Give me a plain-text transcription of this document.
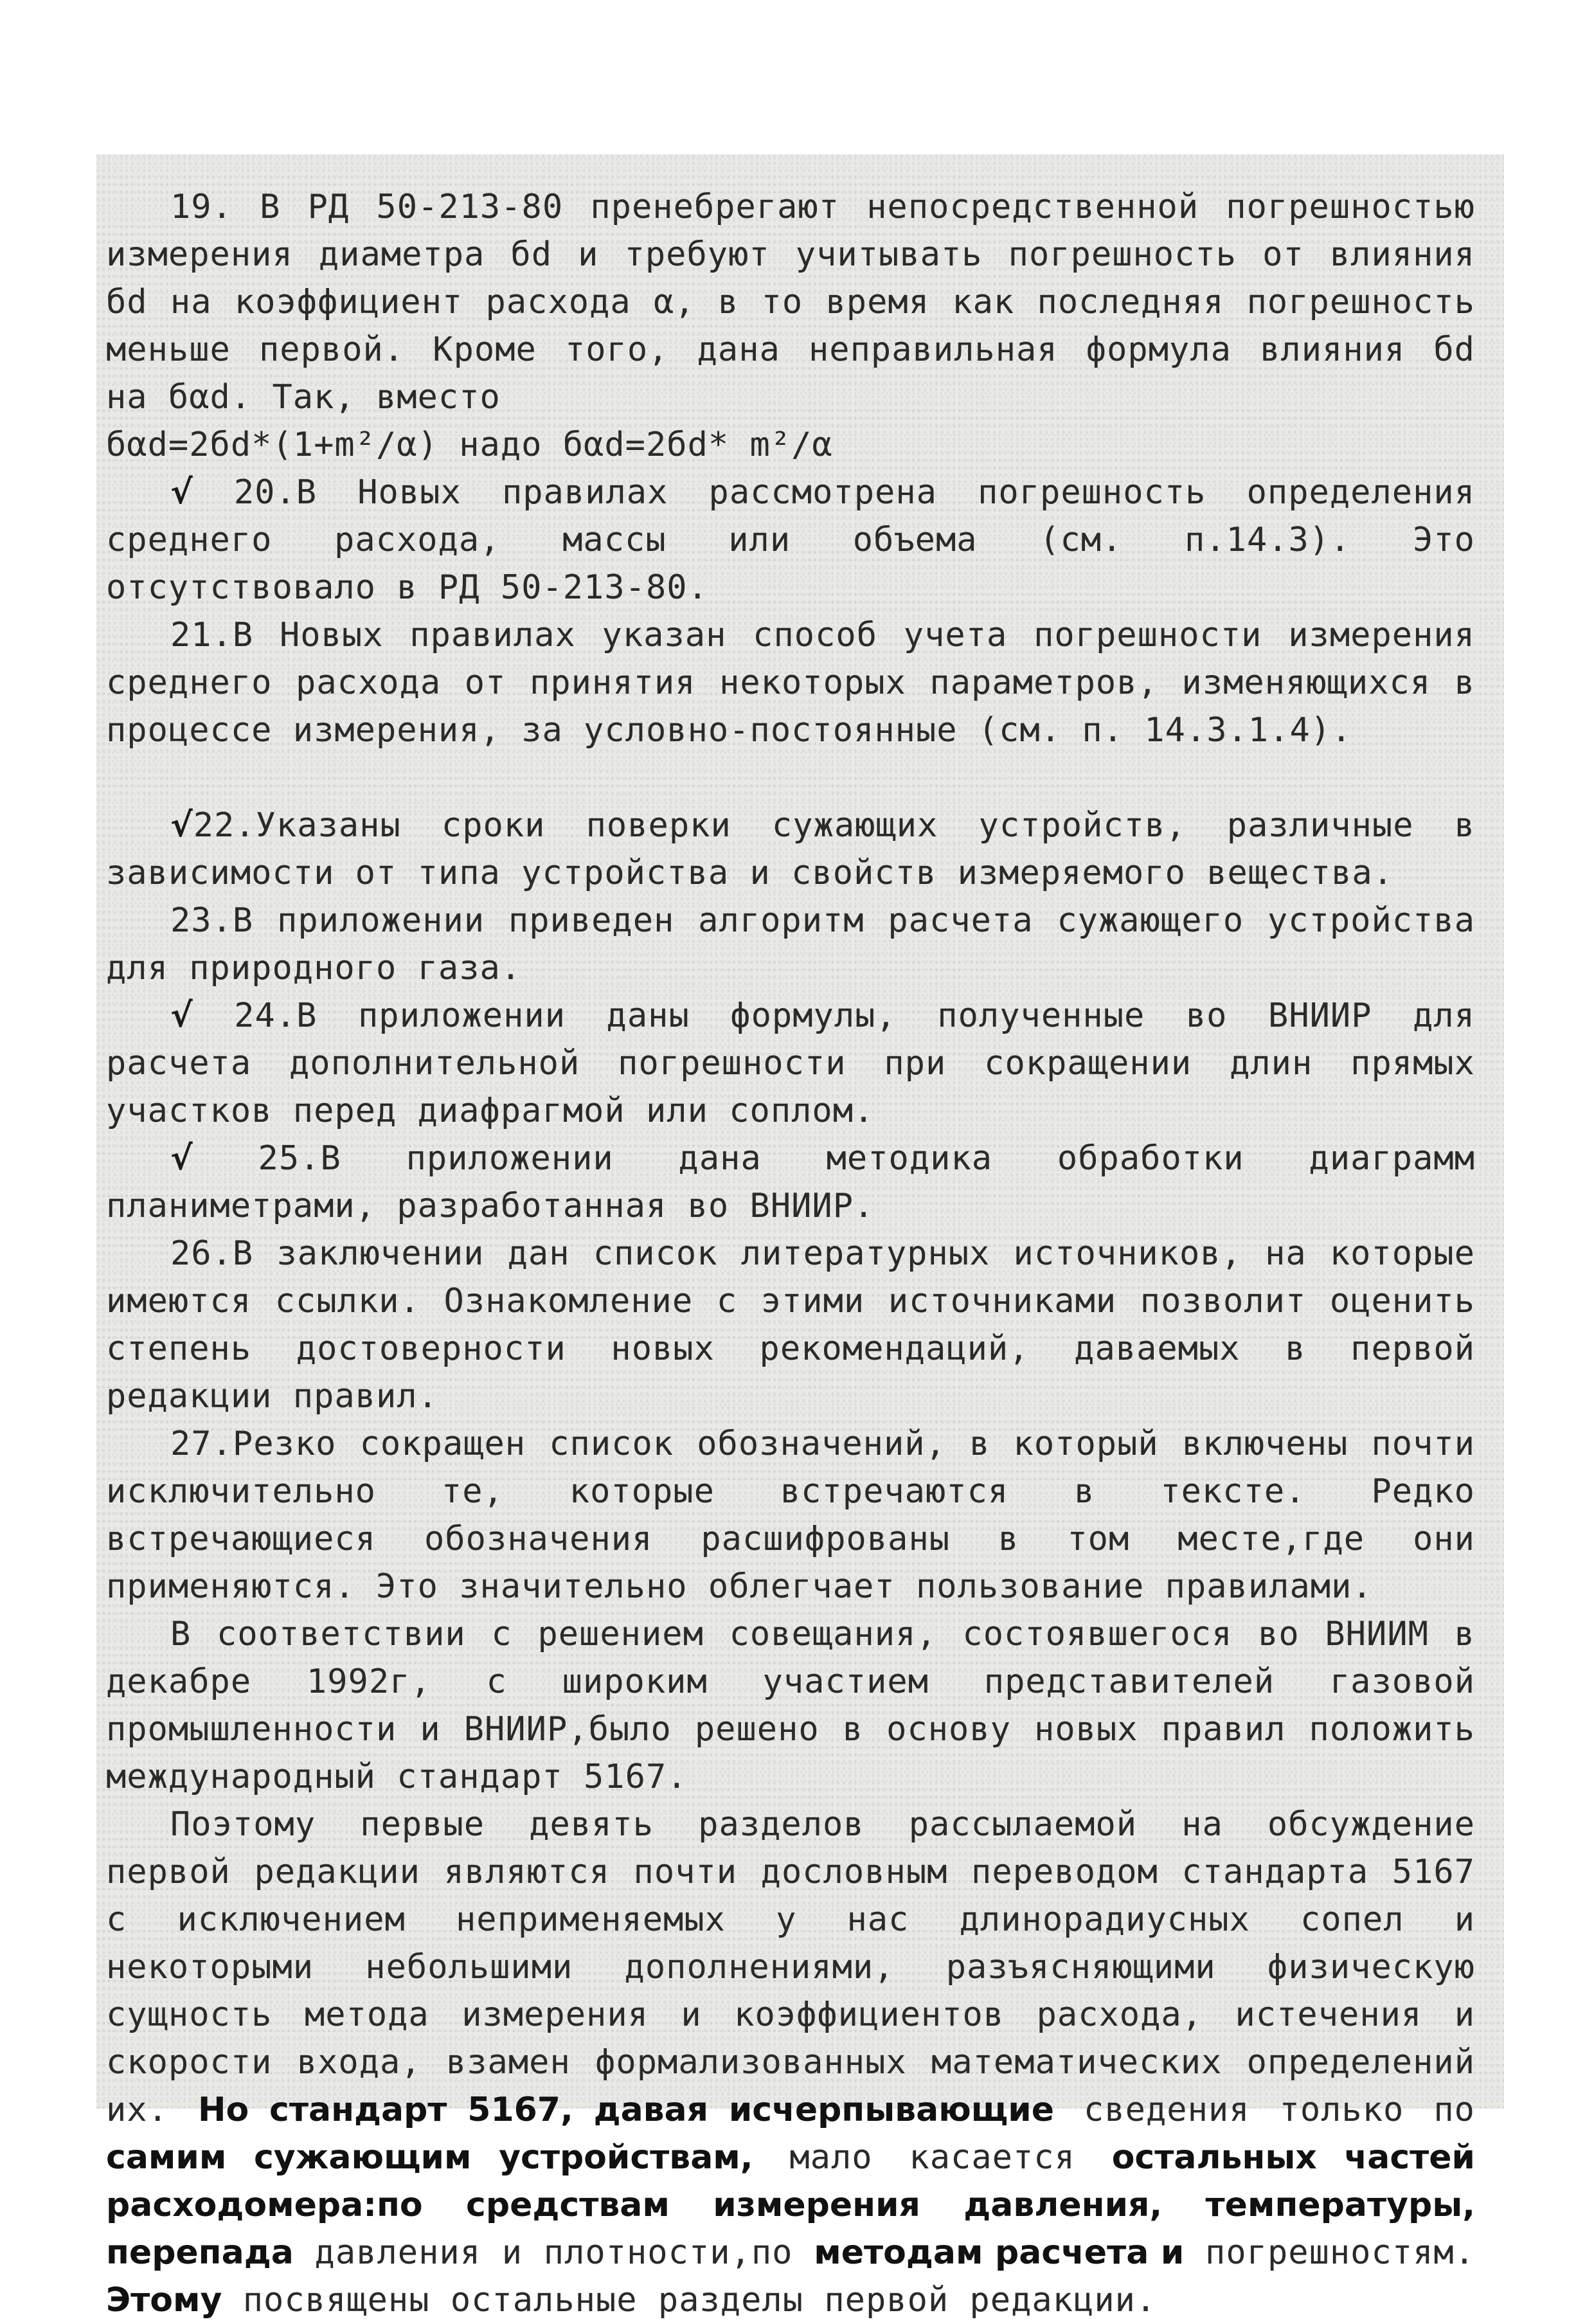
19. В РД 50-213-80 пренебрегают непосредственной погрешностью измерения диаметра бd и требуют учитывать погрешность от влияния бd на коэффициент расхода α, в то время как последняя погрешность меньше первой. Кроме того, дана неправильная формула влияния бd на бαd. Так, вместо

бαd=2бd*(1+m²/α) надо бαd=2бd* m²/α

√ 20.В Новых правилах рассмотрена погрешность определения среднего расхода, массы или объема (см. п.14.3). Это отсутствовало в РД 50-213-80.

21.В Новых правилах указан способ учета погрешности измерения среднего расхода от принятия некоторых параметров, изменяющихся в процессе измерения, за условно-постоянные (см. п. 14.3.1.4).

√22.Указаны сроки поверки сужающих устройств, различные в зависимости от типа устройства и свойств измеряемого вещества.

23.В приложении приведен алгоритм расчета сужающего устройства для природного газа.

√ 24.В приложении даны формулы, полученные во ВНИИР для расчета дополнительной погрешности при сокращении длин прямых участков перед диафрагмой или соплом.

√ 25.В приложении дана методика обработки диаграмм планиметрами, разработанная во ВНИИР.

26.В заключении дан список литературных источников, на которые имеются ссылки. Ознакомление с этими источниками позволит оценить степень достоверности новых рекомендаций, даваемых в первой редакции правил.

27.Резко сокращен список обозначений, в который включены почти исключительно те, которые встречаются в тексте. Редко встречающиеся обозначения расшифрованы в том месте,где они применяются. Это значительно облегчает пользование правилами.

В соответствии с решением совещания, состоявшегося во ВНИИМ в декабре 1992г, с широким участием представителей газовой промышленности и ВНИИР,было решено в основу новых правил положить международный стандарт 5167.

Поэтому первые девять разделов рассылаемой на обсуждение первой редакции являются почти дословным переводом стандарта 5167 с исключением неприменяемых у нас длинорадиусных сопел и некоторыми небольшими дополнениями, разъясняющими физическую сущность метода измерения и коэффициентов расхода, истечения и скорости входа, взамен формализованных математических определений их. Но стандарт 5167, давая исчерпывающие сведения только по самим сужающим устройствам, мало касается остальных частей расходомера:по средствам измерения давления, температуры, перепада давления и плотности,по методам расчета и погрешностям. Этому посвящены остальные разделы первой редакции.
